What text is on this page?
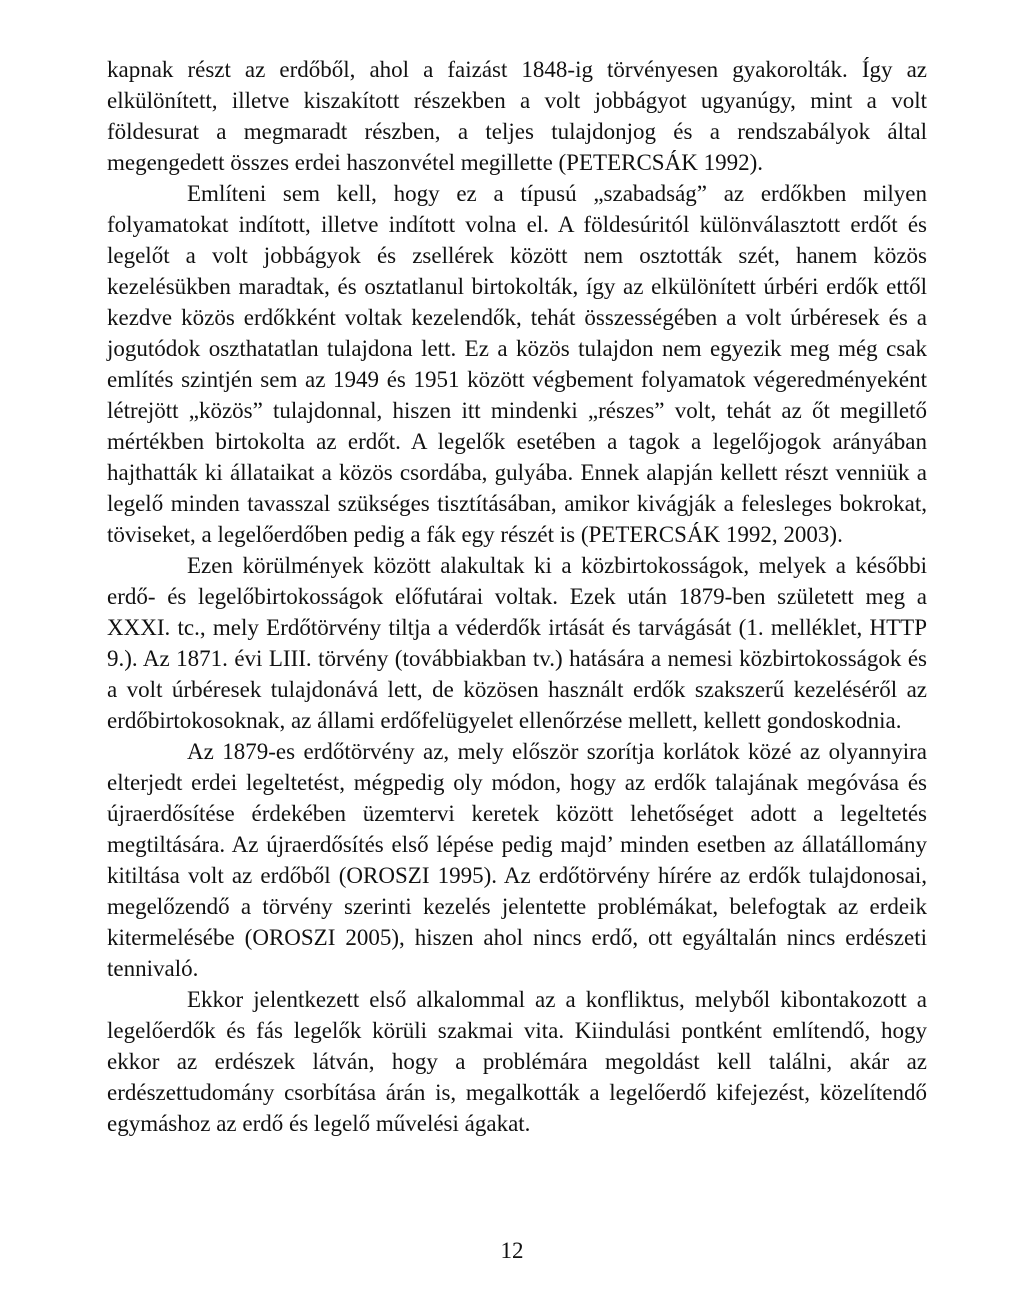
kapnak részt az erdőből, ahol a faizást 1848-ig törvényesen gyakorolták. Így az elkülönített, illetve kiszakított részekben a volt jobbágyot ugyanúgy, mint a volt földesurat a megmaradt részben, a teljes tulajdonjog és a rendszabályok által megengedett összes erdei haszonvétel megillette (PETERCSÁK 1992).

Említeni sem kell, hogy ez a típusú „szabadság” az erdőkben milyen folyamatokat indított, illetve indított volna el. A földesúritól különválasztott erdőt és legelőt a volt jobbágyok és zsellérek között nem osztották szét, hanem közös kezelésükben maradtak, és osztatlanul birtokolták, így az elkülönített úrbéri erdők ettől kezdve közös erdőkként voltak kezelendők, tehát összességében a volt úrbéresek és a jogutódok oszthatatlan tulajdona lett. Ez a közös tulajdon nem egyezik meg még csak említés szintjén sem az 1949 és 1951 között végbement folyamatok végeredményeként létrejött „közös” tulajdonnal, hiszen itt mindenki „részes” volt, tehát az őt megillető mértékben birtokolta az erdőt. A legelők esetében a tagok a legelőjogok arányában hajthatták ki állataikat a közös csordába, gulyába. Ennek alapján kellett részt venniük a legelő minden tavasszal szükséges tisztításában, amikor kivágják a felesleges bokrokat, töviseket, a legelőerdőben pedig a fák egy részét is (PETERCSÁK 1992, 2003).

Ezen körülmények között alakultak ki a közbirtokosságok, melyek a későbbi erdő- és legelőbirtokosságok előfutárai voltak. Ezek után 1879-ben született meg a XXXI. tc., mely Erdőtörvény tiltja a véderdők irtását és tarvágását (1. melléklet, HTTP 9.). Az 1871. évi LIII. törvény (továbbiakban tv.) hatására a nemesi közbirtokosságok és a volt úrbéresek tulajdonává lett, de közösen használt erdők szakszerű kezeléséről az erdőbirtokosoknak, az állami erdőfelügyelet ellenőrzése mellett, kellett gondoskodnia.

Az 1879-es erdőtörvény az, mely először szorítja korlátok közé az olyannyira elterjedt erdei legeltetést, mégpedig oly módon, hogy az erdők talajának megóvása és újraerdősítése érdekében üzemtervi keretek között lehetőséget adott a legeltetés megtiltására. Az újraerdősítés első lépése pedig majd’ minden esetben az állatállomány kitiltása volt az erdőből (OROSZI 1995). Az erdőtörvény hírére az erdők tulajdonosai, megelőzendő a törvény szerinti kezelés jelentette problémákat, belefogtak az erdeik kitermelésébe (OROSZI 2005), hiszen ahol nincs erdő, ott egyáltalán nincs erdészeti tennivaló.

Ekkor jelentkezett első alkalommal az a konfliktus, melyből kibontakozott a legelőerdők és fás legelők körüli szakmai vita. Kiindulási pontként említendő, hogy ekkor az erdészek látván, hogy a problémára megoldást kell találni, akár az erdészettudomány csorbítása árán is, megalkották a legelőerdő kifejezést, közelítendő egymáshoz az erdő és legelő művelési ágakat.

12
